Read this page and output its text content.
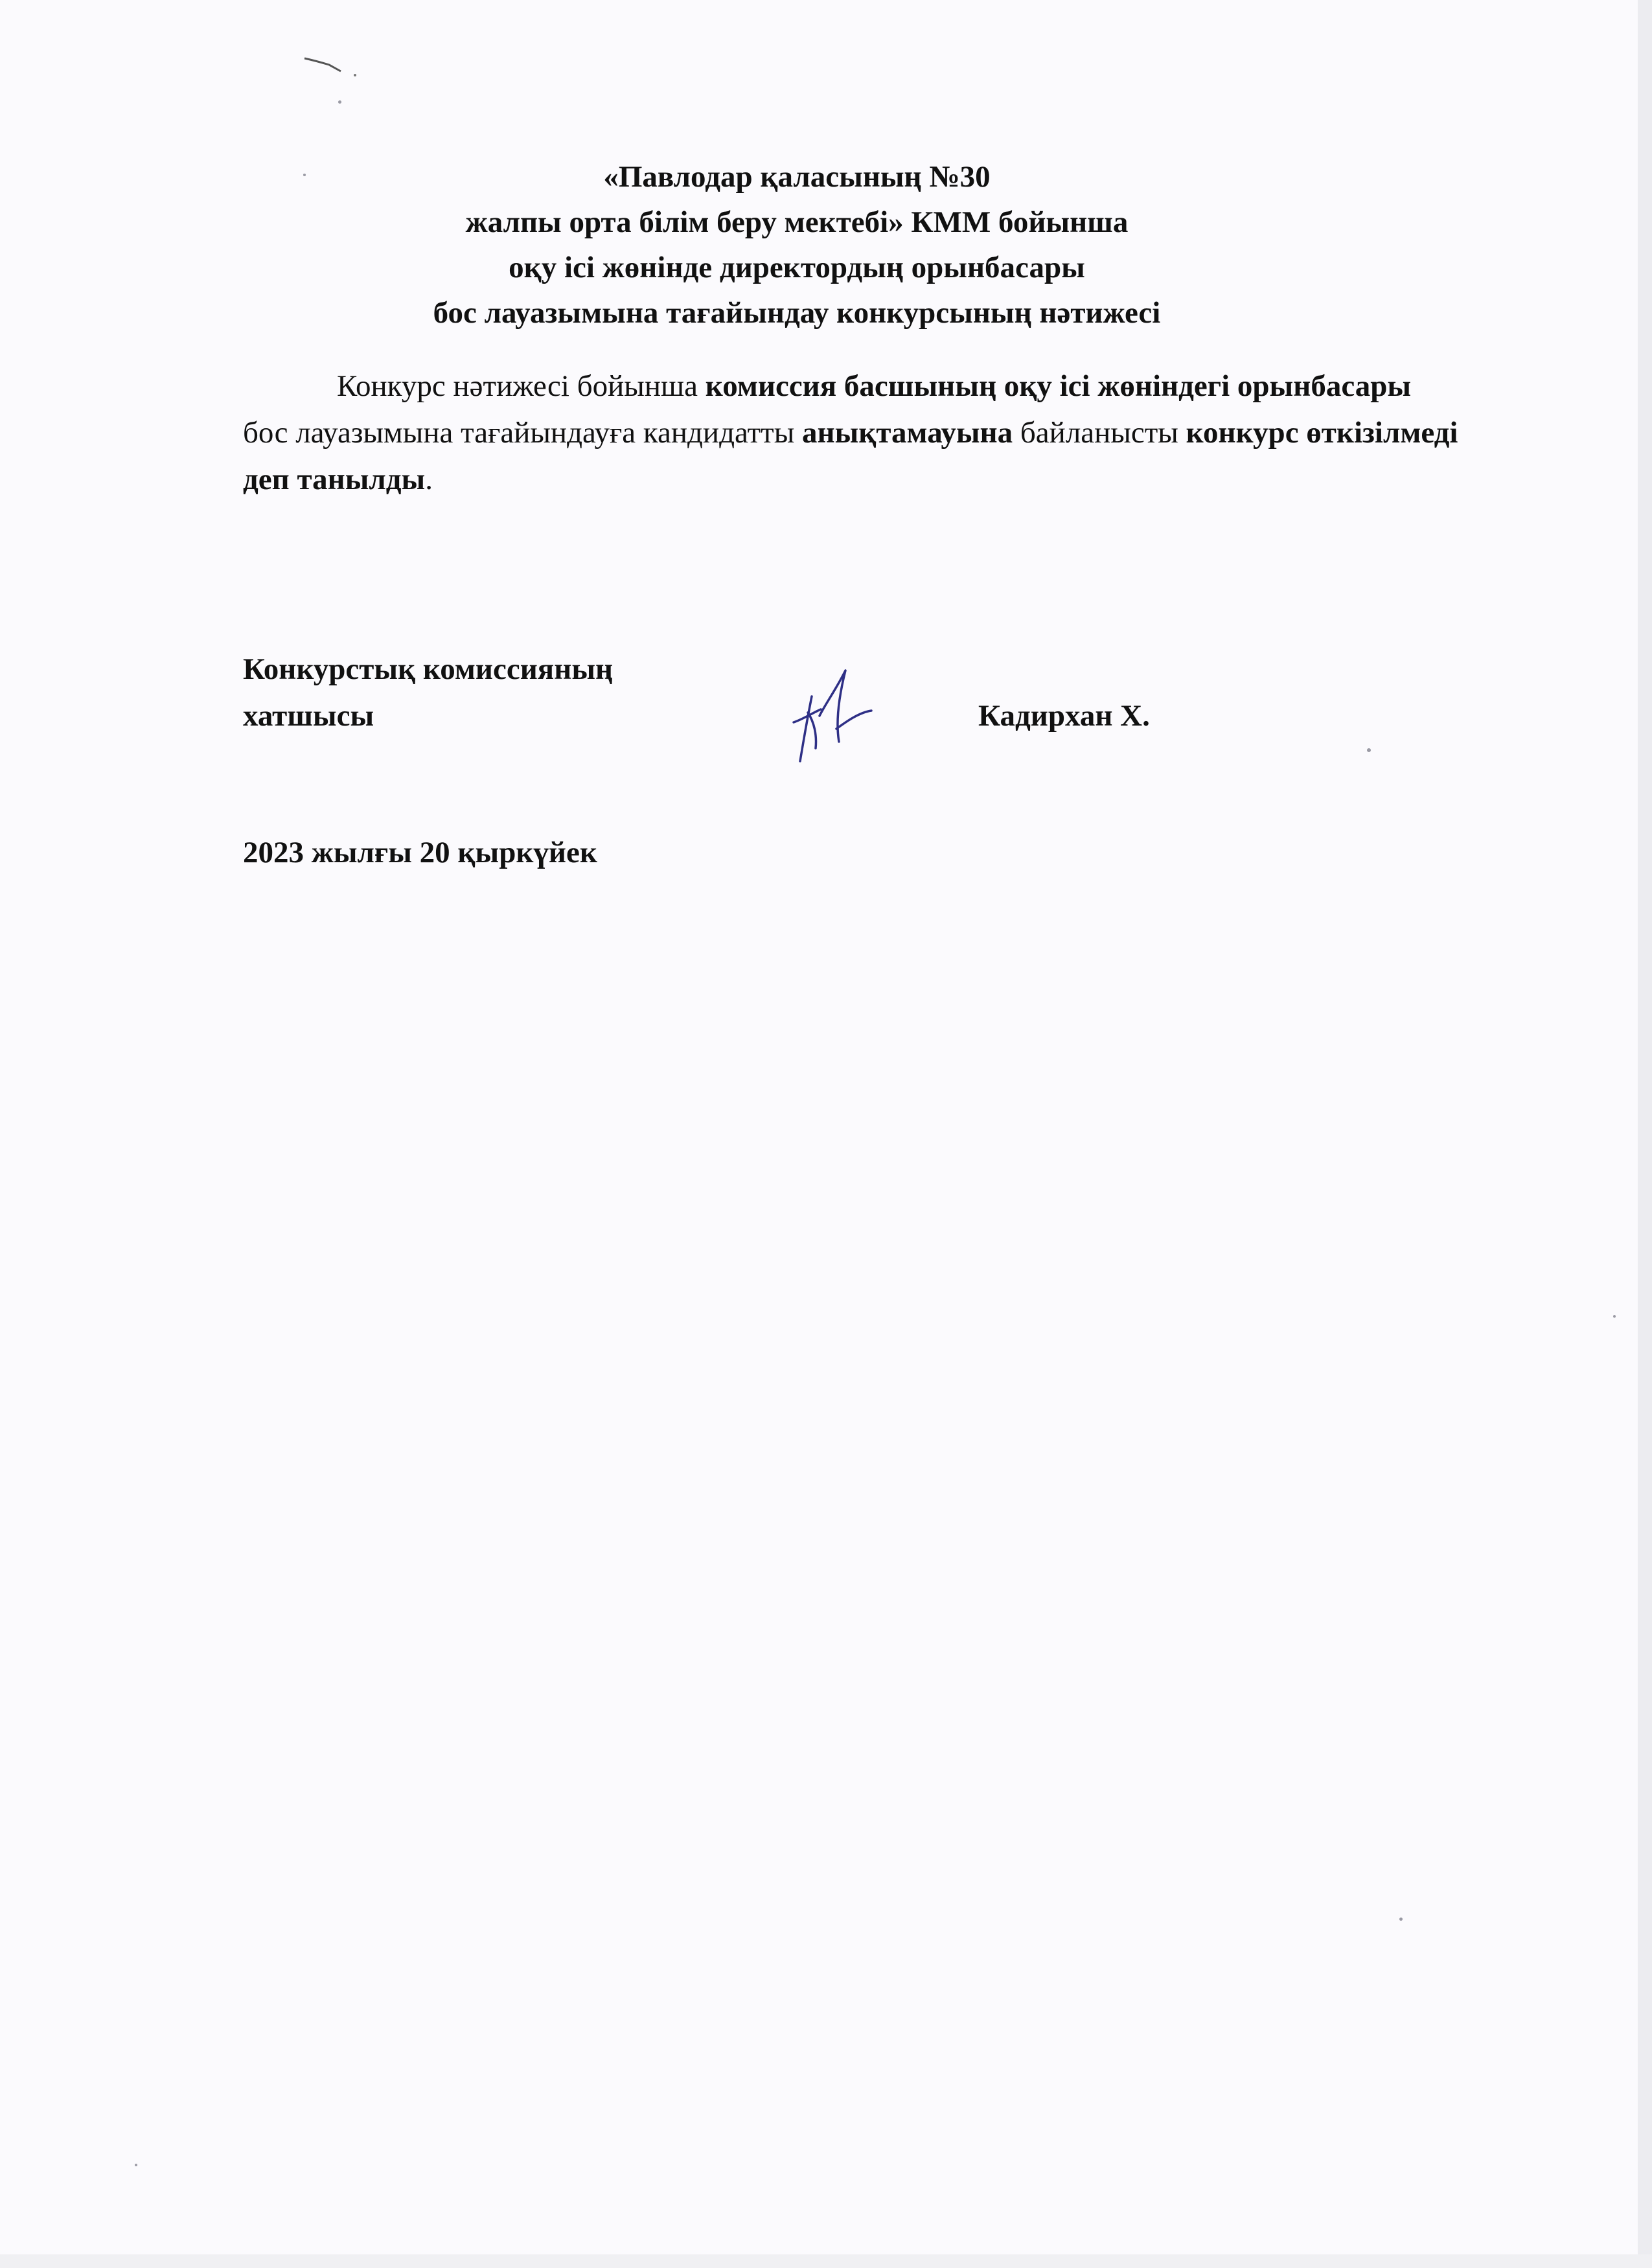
«Павлодар қаласының №30
жалпы орта білім беру мектебі» КММ бойынша
оқу ісі жөнінде директордың орынбасары
бос лауазымына тағайындау конкурсының нәтижесі
Конкурс нәтижесі бойынша комиссия басшының оқу ісі жөніндегі орынбасары бос лауазымына тағайындауға кандидатты анықтамауына байланысты конкурс өткізілмеді деп танылды.
Конкурстық комиссияның
хатшысы	Кадирхан Х.
2023 жылғы 20 қыркүйек
